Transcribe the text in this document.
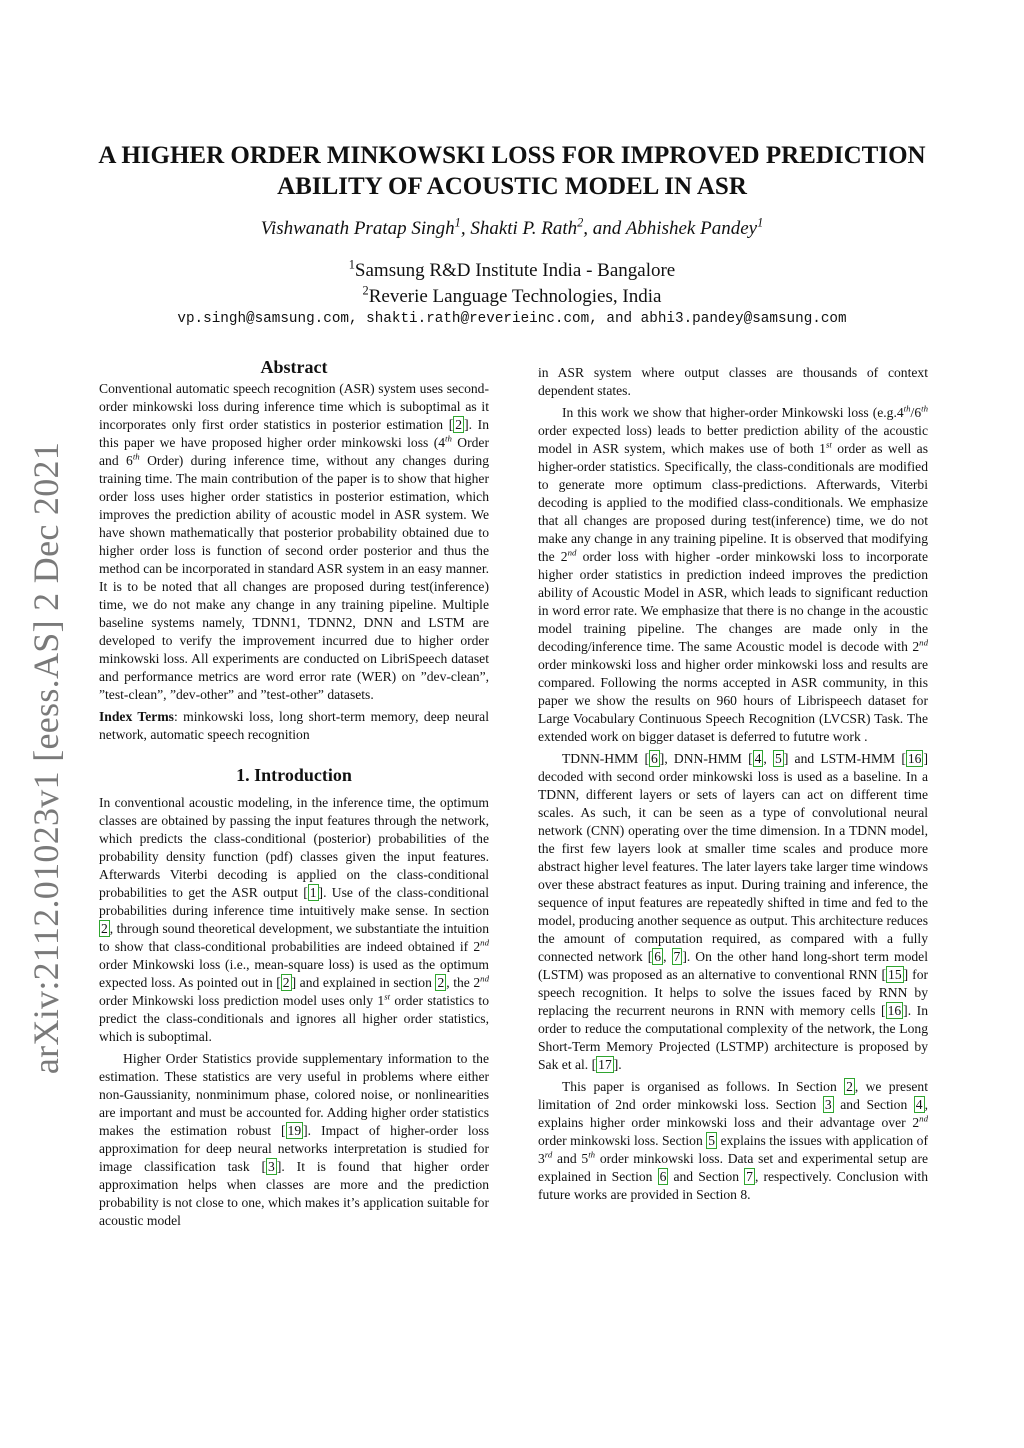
arXiv:2112.01023v1 [eess.AS] 2 Dec 2021
A HIGHER ORDER MINKOWSKI LOSS FOR IMPROVED PREDICTION
ABILITY OF ACOUSTIC MODEL IN ASR
Vishwanath Pratap Singh$^1$, Shakti P. Rath$^2$, and Abhishek Pandey$^1$
$^1$Samsung R&D Institute India - Bangalore
$^2$Reverie Language Technologies, India
vp.singh@samsung.com, shakti.rath@reverieinc.com, and abhi3.pandey@samsung.com
Abstract

Conventional automatic speech recognition (ASR) system uses second-order minkowski loss during inference time which is suboptimal as it incorporates only first order statistics in posterior estimation [ 2 ]. In this paper we have proposed higher order minkowski loss (4th Order and 6th Order) during inference time, without any changes during training time. The main contribution of the paper is to show that higher order loss uses higher order statistics in posterior estimation, which improves the prediction ability of acoustic model in ASR system. We have shown mathematically that posterior probability obtained due to higher order loss is function of second order posterior and thus the method can be incorporated in standard ASR system in an easy manner. It is to be noted that all changes are proposed during test(inference) time, we do not make any change in any training pipeline. Multiple baseline systems namely, TDNN1, TDNN2, DNN and LSTM are developed to verify the improvement incurred due to higher order minkowski loss. All experiments are conducted on LibriSpeech dataset and performance metrics are word error rate (WER) on ”dev-clean”, ”test-clean”, ”dev-other” and ”test-other” datasets.

Index Terms: minkowski loss, long short-term memory, deep neural network, automatic speech recognition

1. Introduction

In conventional acoustic modeling, in the inference time, the optimum classes are obtained by passing the input features through the network, which predicts the class-conditional (posterior) probabilities of the probability density function (pdf) classes given the input features. Afterwards Viterbi decoding is applied on the class-conditional probabilities to get the ASR output [ 1 ]. Use of the class-conditional probabilities during inference time intuitively make sense. In section 2 , through sound theoretical development, we substantiate the intuition to show that class-conditional probabilities are indeed obtained if 2nd order Minkowski loss (i.e., mean-square loss) is used as the optimum expected loss. As pointed out in [ 2 ] and explained in section 2 , the 2nd order Minkowski loss prediction model uses only 1st order statistics to predict the class-conditionals and ignores all higher order statistics, which is suboptimal.

Higher Order Statistics provide supplementary information to the estimation. These statistics are very useful in problems where either non-Gaussianity, nonminimum phase, colored noise, or nonlinearities are important and must be accounted for. Adding higher order statistics makes the estimation robust [ 19 ]. Impact of higher-order loss approximation for deep neural networks interpretation is studied for image classification task [ 3 ]. It is found that higher order approximation helps when classes are more and the prediction probability is not close to one, which makes it’s application suitable for acoustic model

in ASR system where output classes are thousands of context dependent states.

In this work we show that higher-order Minkowski loss (e.g.4th/6th order expected loss) leads to better prediction ability of the acoustic model in ASR system, which makes use of both 1st order as well as higher-order statistics. Specifically, the class-conditionals are modified to generate more optimum class-predictions. Afterwards, Viterbi decoding is applied to the modified class-conditionals. We emphasize that all changes are proposed during test(inference) time, we do not make any change in any training pipeline. It is observed that modifying the 2nd order loss with higher -order minkowski loss to incorporate higher order statistics in prediction indeed improves the prediction ability of Acoustic Model in ASR, which leads to significant reduction in word error rate. We emphasize that there is no change in the acoustic model training pipeline. The changes are made only in the decoding/inference time. The same Acoustic model is decode with 2nd order minkowski loss and higher order minkowski loss and results are compared. Following the norms accepted in ASR community, in this paper we show the results on 960 hours of Librispeech dataset for Large Vocabulary Continuous Speech Recognition (LVCSR) Task. The extended work on bigger dataset is deferred to fututre work .

TDNN-HMM [ 6 ], DNN-HMM [ 4 , 5 ] and LSTM-HMM [ 16 ] decoded with second order minkowski loss is used as a baseline. In a TDNN, different layers or sets of layers can act on different time scales. As such, it can be seen as a type of convolutional neural network (CNN) operating over the time dimension. In a TDNN model, the first few layers look at smaller time scales and produce more abstract higher level features. The later layers take larger time windows over these abstract features as input. During training and inference, the sequence of input features are repeatedly shifted in time and fed to the model, producing another sequence as output. This architecture reduces the amount of computation required, as compared with a fully connected network [ 6 , 7 ]. On the other hand long-short term model (LSTM) was proposed as an alternative to conventional RNN [ 15 ] for speech recognition. It helps to solve the issues faced by RNN by replacing the recurrent neurons in RNN with memory cells [ 16 ]. In order to reduce the computational complexity of the network, the Long Short-Term Memory Projected (LSTMP) architecture is proposed by Sak et al. [ 17 ].

This paper is organised as follows. In Section 2 , we present limitation of 2nd order minkowski loss. Section 3 and Section 4 , explains higher order minkowski loss and their advantage over 2nd order minkowski loss. Section 5 explains the issues with application of 3rd and 5th order minkowski loss. Data set and experimental setup are explained in Section 6 and Section 7 , respectively. Conclusion with future works are provided in Section 8.
